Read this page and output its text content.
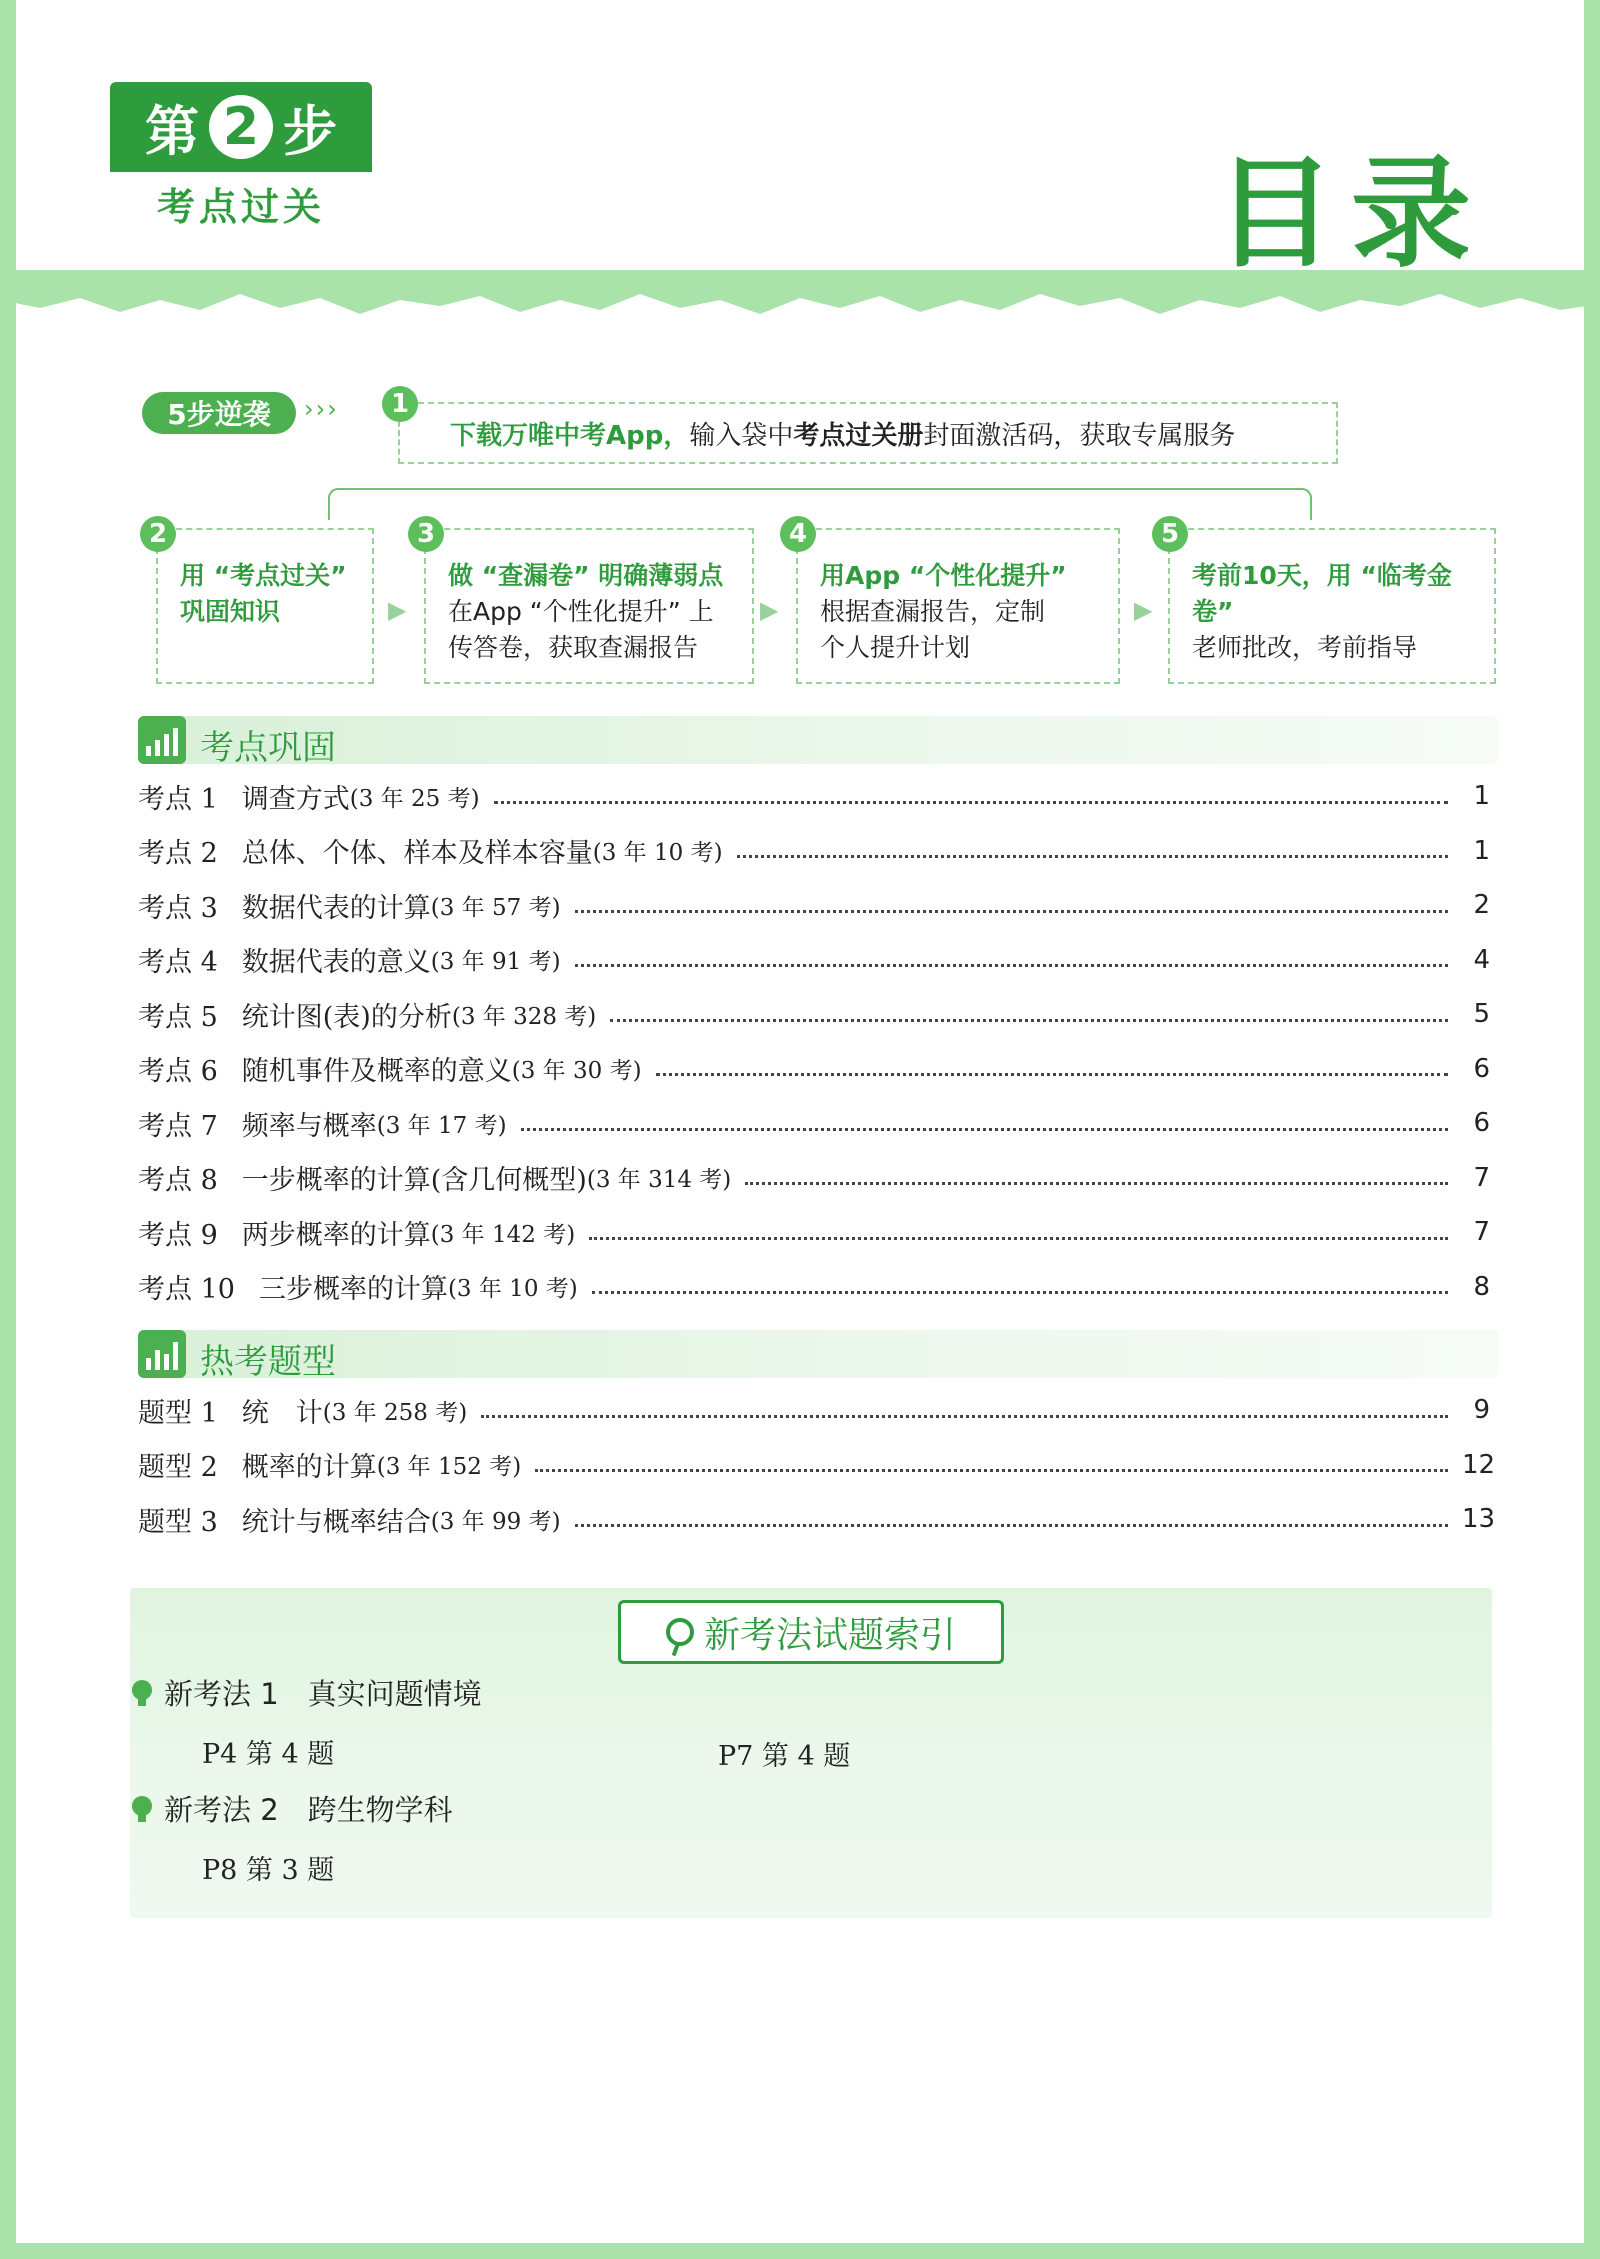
第 2 步
考点过关	目录
5步逆袭	›››
下载万唯中考App， 输入袋中 考点过关册 封面激活码，获取专属服务
1
用 “考点过关”
巩固知识
2
▶
做 “查漏卷” 明确薄弱点
在App “个性化提升” 上
传答卷，获取查漏报告
3
▶
用App “个性化提升”
根据查漏报告，定制
个人提升计划
4
▶
考前10天，用 “临考金卷”
老师批改，考前指导
5
考点巩固
考点 1 调查方式 (3 年 25 考)	1
考点 2 总体、个体、样本及样本容量 (3 年 10 考)	1
考点 3 数据代表的计算 (3 年 57 考)	2
考点 4 数据代表的意义 (3 年 91 考)	4
考点 5 统计图(表)的分析 (3 年 328 考)	5
考点 6 随机事件及概率的意义 (3 年 30 考)	6
考点 7 频率与概率 (3 年 17 考)	6
考点 8 一步概率的计算(含几何概型) (3 年 314 考)	7
考点 9 两步概率的计算 (3 年 142 考)	7
考点 10 三步概率的计算 (3 年 10 考)	8
热考题型
题型 1 统　计 (3 年 258 考)	9
题型 2 概率的计算 (3 年 152 考)	12
题型 3 统计与概率结合 (3 年 99 考)	13
新考法试题索引
新考法 1　真实问题情境
P4 第 4 题	P7 第 4 题
新考法 2　跨生物学科
P8 第 3 题
